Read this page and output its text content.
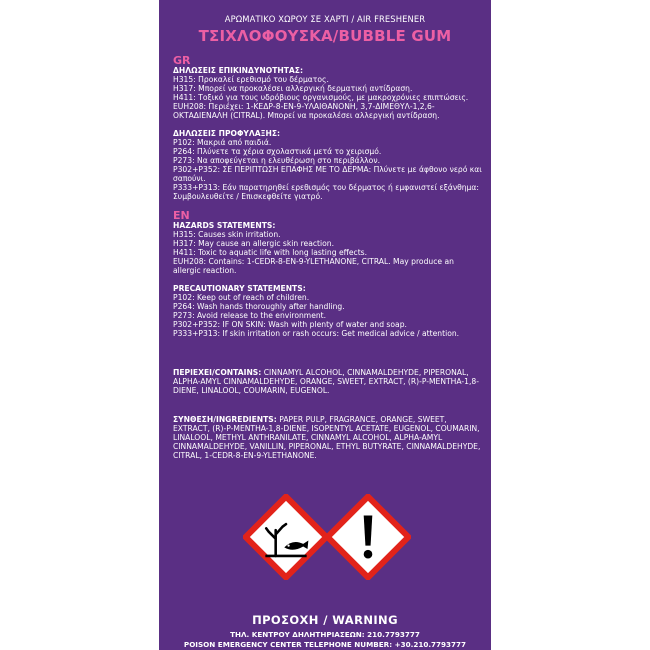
ΑΡΩΜΑΤΙΚΟ ΧΩΡΟΥ ΣΕ ΧΑΡΤΙ / AIR FRESHENER
ΤΣΙΧΛΟΦΟΥΣΚΑ/BUBBLE GUM
GR
ΔΗΛΩΣΕΙΣ ΕΠΙΚΙΝΔΥΝΟΤΗΤΑΣ:
H315: Προκαλεί ερεθισμό του δέρματος.
H317: Μπορεί να προκαλέσει αλλεργική δερματική αντίδραση.
H411: Τοξικό για τους υδρόβιους οργανισμούς, με μακροχρόνιες επιπτώσεις.
EUH208: Περιέχει: 1-ΚΕΔΡ-8-ΕΝ-9-ΥΛΑΙΘΑΝΟΝΗ, 3,7-ΔΙΜΕΘΥΛ-1,2,6-ΟΚΤΑΔΙΕΝΑΛΗ (CITRAL). Μπορεί να προκαλέσει αλλεργική αντίδραση.
ΔΗΛΩΣΕΙΣ ΠΡΟΦΥΛΑΞΗΣ:
P102: Μακριά από παιδιά.
P264: Πλύνετε τα χέρια σχολαστικά μετά το χειρισμό.
P273: Να αποφεύγεται η ελευθέρωση στο περιβάλλον.
P302+P352: ΣΕ ΠΕΡΙΠΤΩΣΗ ΕΠΑΦΗΣ ΜΕ ΤΟ ΔΕΡΜΑ: Πλύνετε με άφθονο νερό και σαπούνι.
P333+P313: Εάν παρατηρηθεί ερεθισμός του δέρματος ή εμφανιστεί εξάνθημα: Συμβουλευθείτε / Επισκεφθείτε γιατρό.
EN
HAZARDS STATEMENTS:
H315: Causes skin irritation.
H317: May cause an allergic skin reaction.
H411: Toxic to aquatic life with long lasting effects.
EUH208: Contains: 1-CEDR-8-EN-9-YLETHANONE, CITRAL. May produce an allergic reaction.
PRECAUTIONARY STATEMENTS:
P102: Keep out of reach of children.
P264: Wash hands thoroughly after handling.
P273: Avoid release to the environment.
P302+P352: IF ON SKIN: Wash with plenty of water and soap.
P333+P313: If skin irritation or rash occurs: Get medical advice / attention.
ΠΕΡΙΕΧΕΙ/CONTAINS: CINNAMYL ALCOHOL, CINNAMALDEHYDE, PIPERONAL, ALPHA-AMYL CINNAMALDEHYDE, ORANGE, SWEET, EXTRACT, (R)-P-MENTHA-1,8-DIENE, LINALOOL, COUMARIN, EUGENOL.
ΣΥΝΘΕΣΗ/INGREDIENTS: PAPER PULP, FRAGRANCE, ORANGE, SWEET, EXTRACT, (R)-P-MENTHA-1,8-DIENE, ISOPENTYL ACETATE, EUGENOL, COUMARIN, LINALOOL, METHYL ANTHRANILATE, CINNAMYL ALCOHOL, ALPHA-AMYL CINNAMALDEHYDE, VANILLIN, PIPERONAL, ETHYL BUTYRATE, CINNAMALDEHYDE, CITRAL, 1-CEDR-8-EN-9-YLETHANONE.
ΠΡΟΣΟΧΗ / WARNING
ΤΗΛ. ΚΕΝΤΡΟΥ ΔΗΛΗΤΗΡΙΑΣΕΩΝ: 210.7793777
POISON EMERGENCY CENTER TELEPHONE NUMBER: +30.210.7793777
